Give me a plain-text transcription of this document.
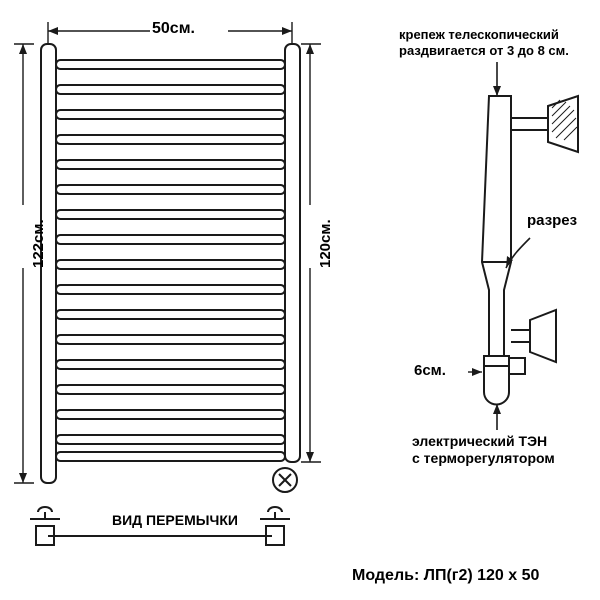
50см.
122см.	120см.
крепеж телескопический
раздвигается от 3 до 8 см.
разрез
6см.
электрический ТЭН
с терморегулятором
ВИД ПЕРЕМЫЧКИ
Модель: ЛП(г2) 120 х 50
